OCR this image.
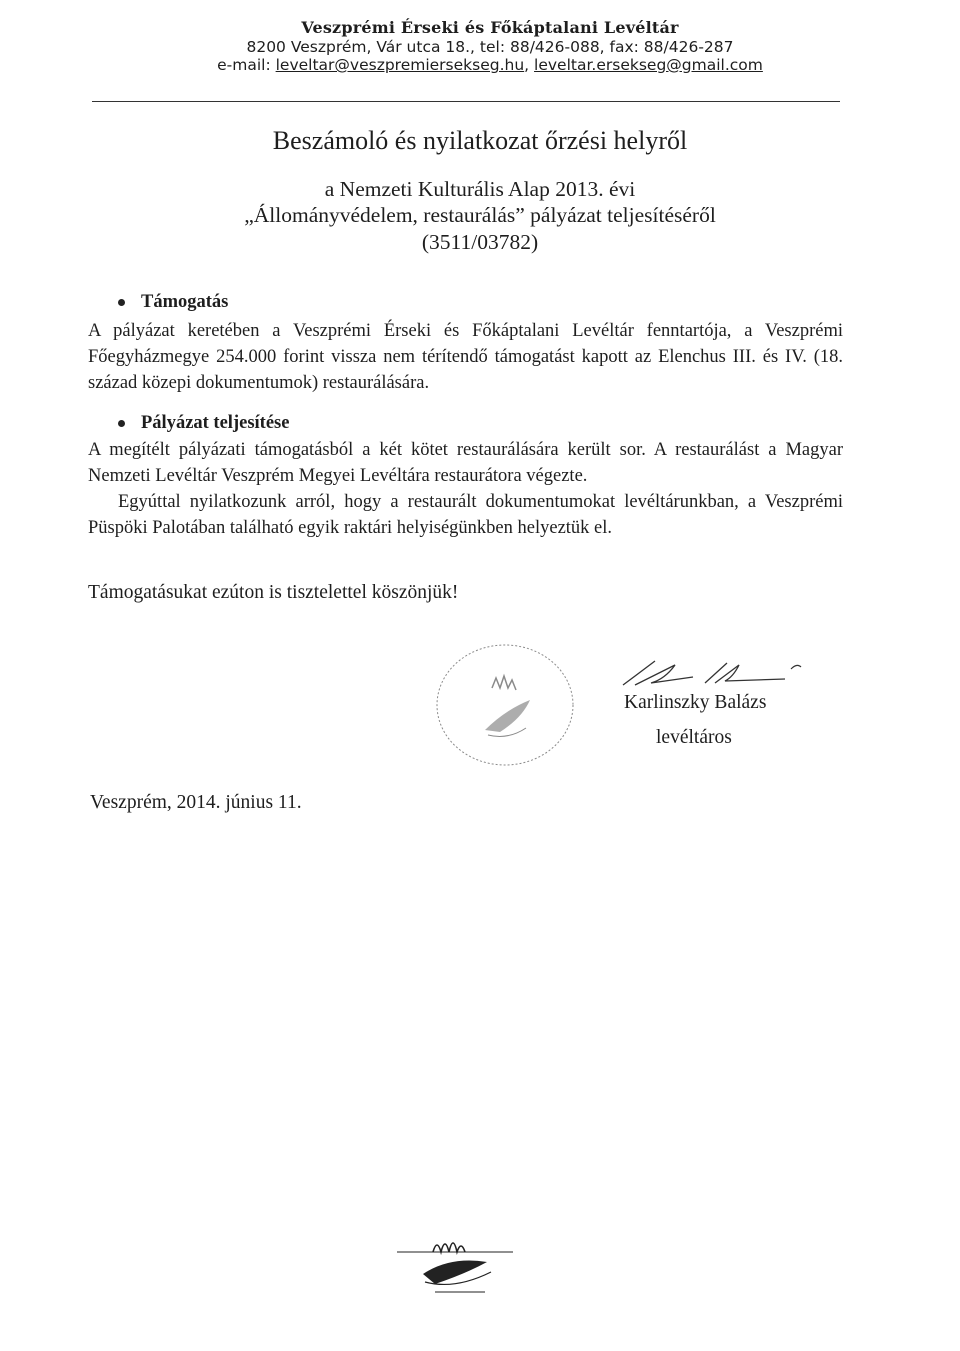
Veszprémi Érseki és Főkáptalani Levéltár
8200 Veszprém, Vár utca 18., tel: 88/426-088, fax: 88/426-287
e-mail: leveltar@veszpremiersekseg.hu, leveltar.ersekseg@gmail.com
Beszámoló és nyilatkozat őrzési helyről
a Nemzeti Kulturális Alap 2013. évi
„Állományvédelem, restaurálás” pályázat teljesítéséről
(3511/03782)
Támogatás

A pályázat keretében a Veszprémi Érseki és Főkáptalani Levéltár fenntartója, a Veszprémi Főegyházmegye 254.000 forint vissza nem térítendő támogatást kapott az Elenchus III. és IV. (18. század közepi dokumentumok) restaurálására.

Pályázat teljesítése

A megítélt pályázati támogatásból a két kötet restaurálására került sor. A restaurálást a Magyar Nemzeti Levéltár Veszprém Megyei Levéltára restaurátora végezte.

Egyúttal nyilatkozunk arról, hogy a restaurált dokumentumokat levéltárunkban, a Veszprémi Püspöki Palotában található egyik raktári helyiségünkben helyeztük el.

Támogatásukat ezúton is tisztelettel köszönjük!
Karlinszky Balázs
levéltáros
Veszprém, 2014. június 11.
